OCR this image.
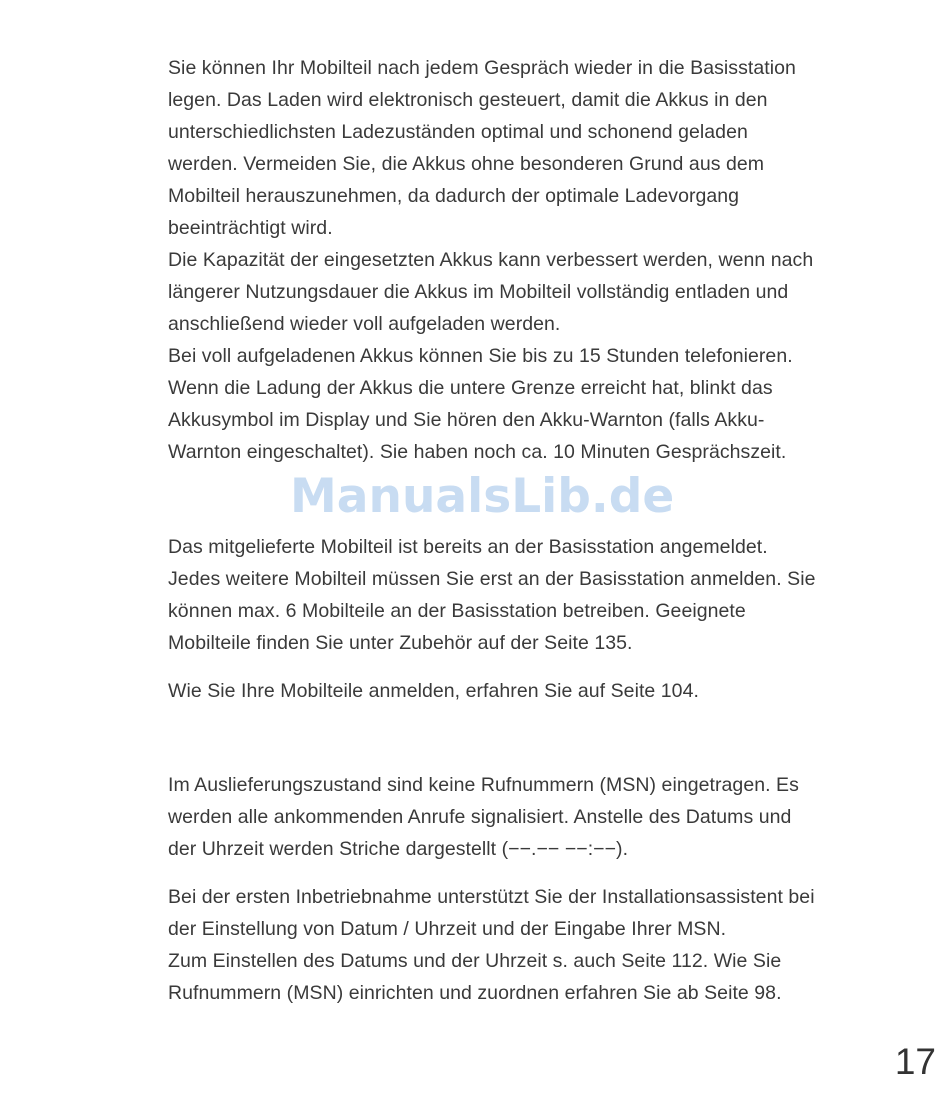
Sie können Ihr Mobilteil nach jedem Gespräch wieder in die Basisstation
legen. Das Laden wird elektronisch gesteuert, damit die Akkus in den
unterschiedlichsten Ladezuständen optimal und schonend geladen
werden. Vermeiden Sie, die Akkus ohne besonderen Grund aus dem
Mobilteil herauszunehmen, da dadurch der optimale Ladevorgang
beeinträchtigt wird.
Die Kapazität der eingesetzten Akkus kann verbessert werden, wenn nach
längerer Nutzungsdauer die Akkus im Mobilteil vollständig entladen und
anschließend wieder voll aufgeladen werden.
Bei voll aufgeladenen Akkus können Sie bis zu 15 Stunden telefonieren.
Wenn die Ladung der Akkus die untere Grenze erreicht hat, blinkt das
Akkusymbol im Display und Sie hören den Akku-Warnton (falls Akku-
Warnton eingeschaltet). Sie haben noch ca. 10 Minuten Gesprächszeit.

ManualsLib.de

Das mitgelieferte Mobilteil ist bereits an der Basisstation angemeldet.
Jedes weitere Mobilteil müssen Sie erst an der Basisstation anmelden. Sie
können max. 6 Mobilteile an der Basisstation betreiben. Geeignete
Mobilteile finden Sie unter Zubehör auf der Seite 135.

Wie Sie Ihre Mobilteile anmelden, erfahren Sie auf Seite 104.

Im Auslieferungszustand sind keine Rufnummern (MSN) eingetragen. Es
werden alle ankommenden Anrufe signalisiert. Anstelle des Datums und
der Uhrzeit werden Striche dargestellt (−−.−− −−:−−).

Bei der ersten Inbetriebnahme unterstützt Sie der Installationsassistent bei
der Einstellung von Datum / Uhrzeit und der Eingabe Ihrer MSN.
Zum Einstellen des Datums und der Uhrzeit s. auch Seite 112. Wie Sie
Rufnummern (MSN) einrichten und zuordnen erfahren Sie ab Seite 98.

17
